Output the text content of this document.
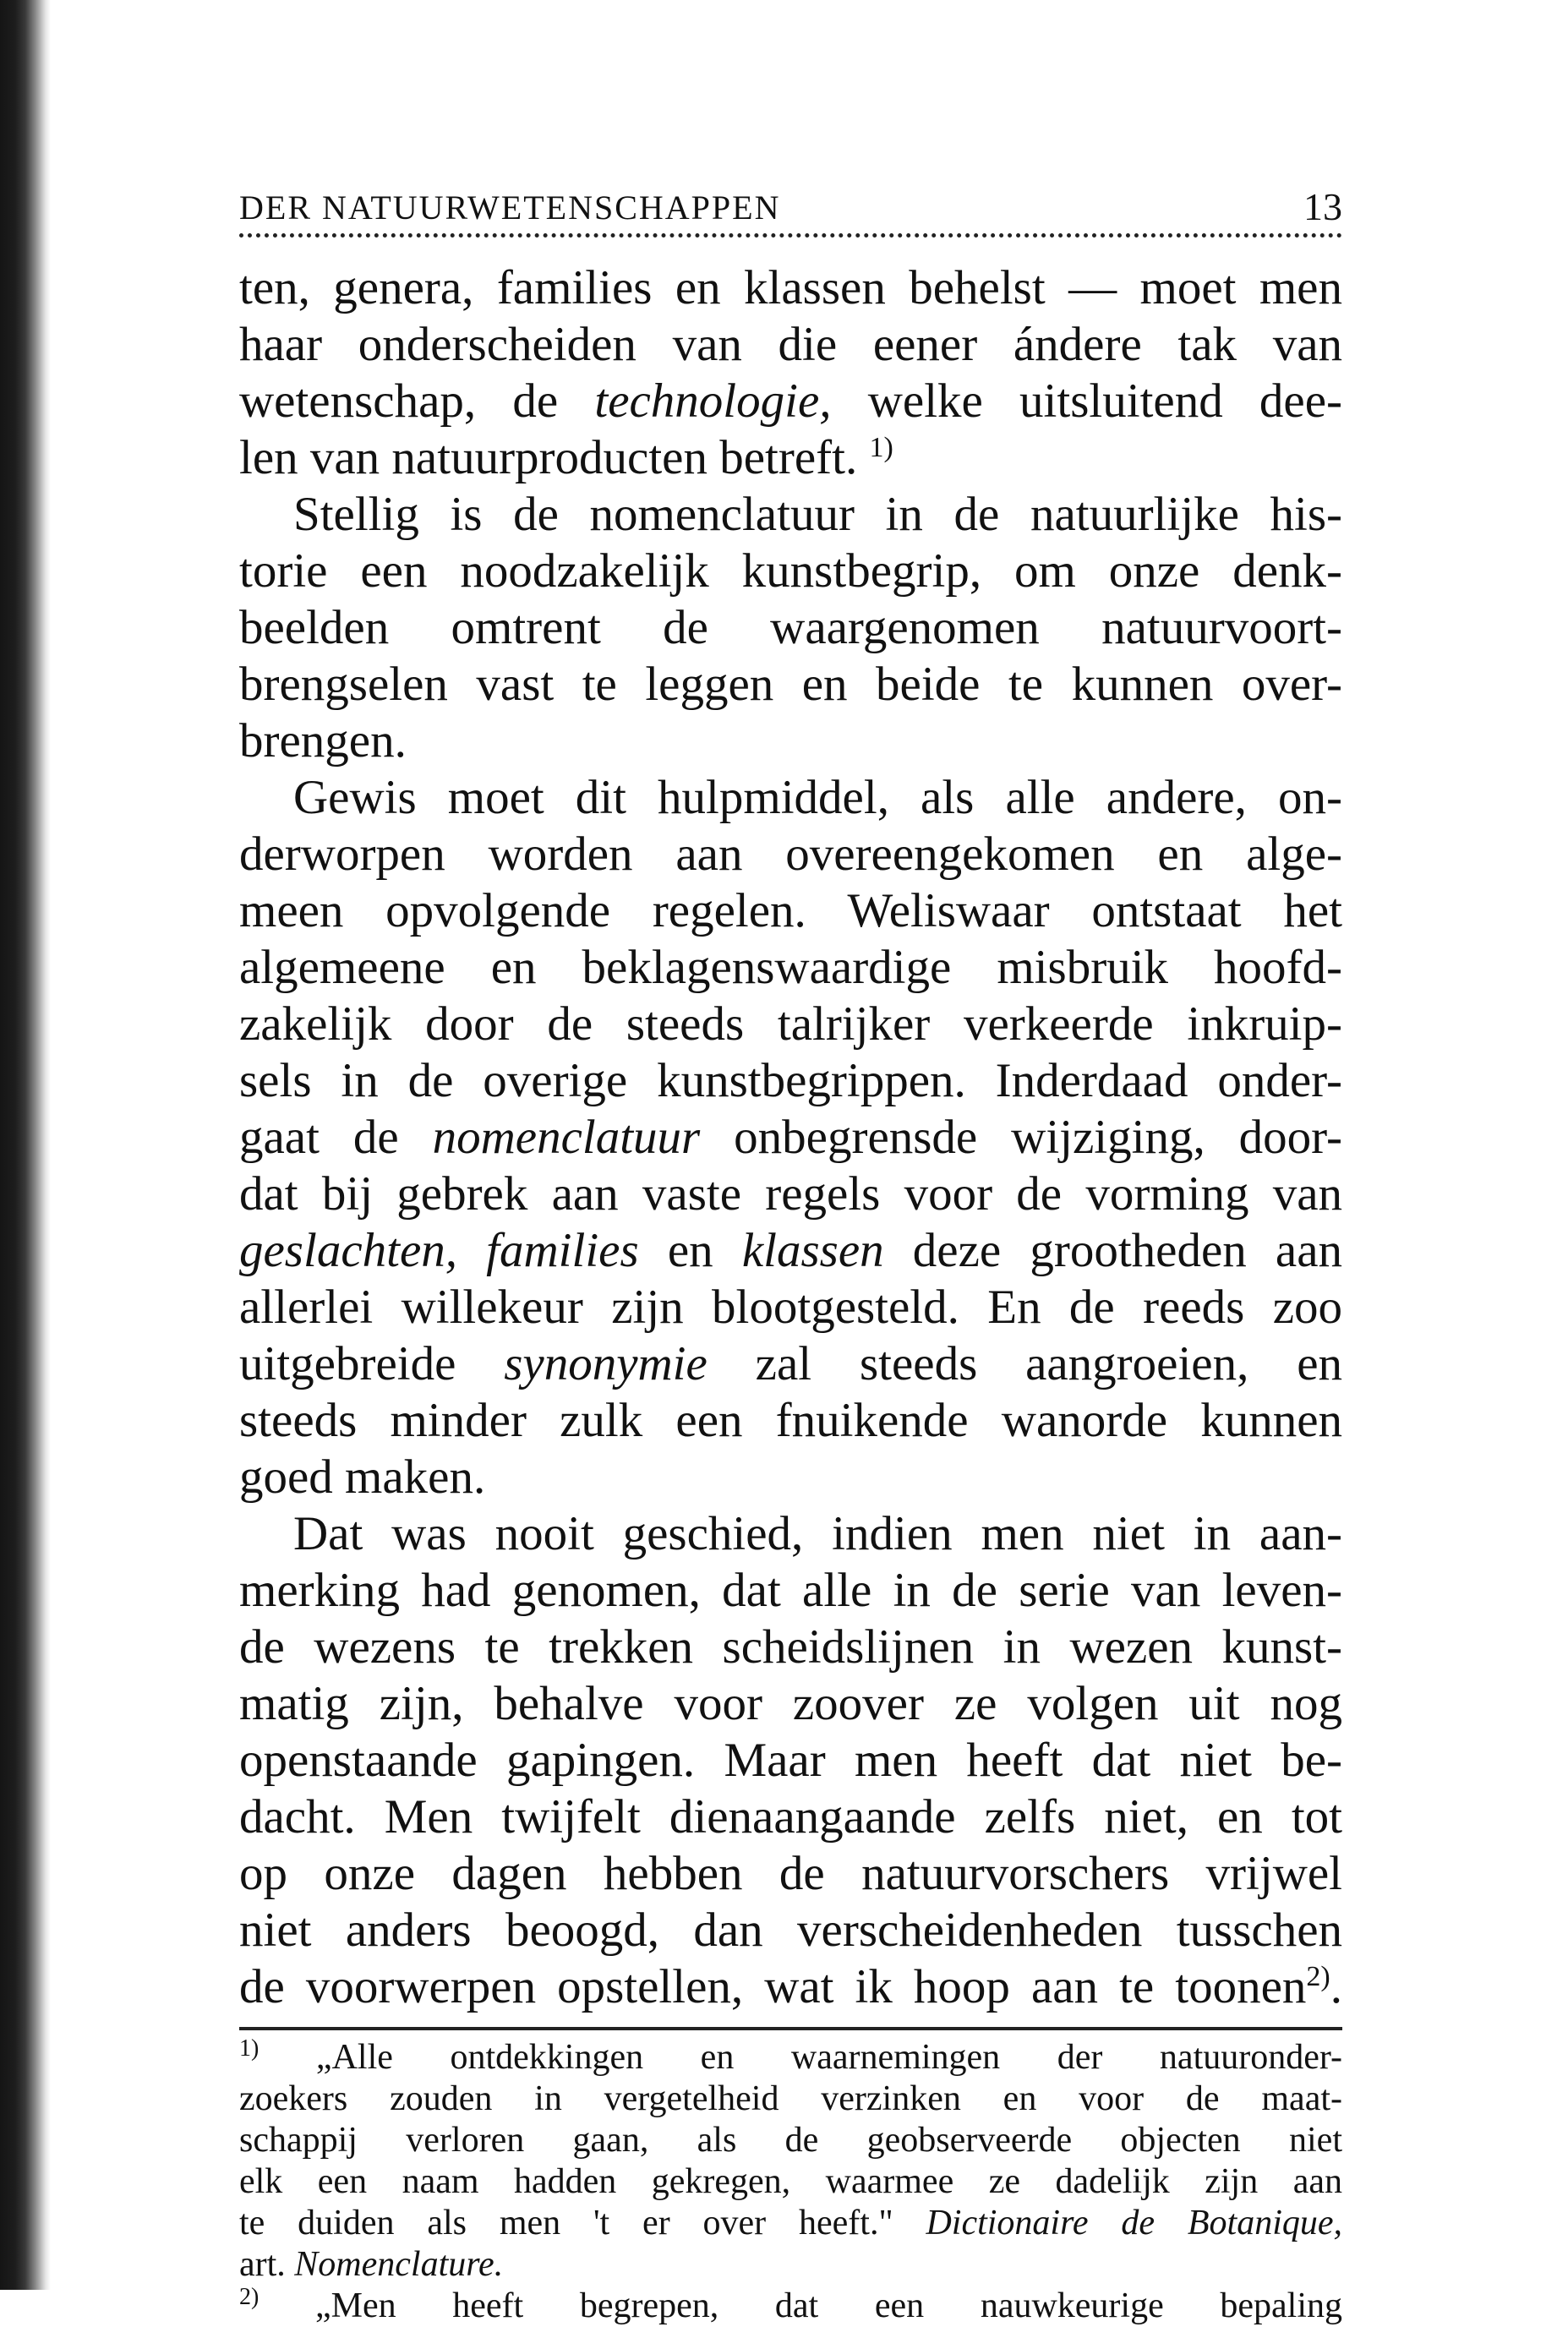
DER NATUURWETENSCHAPPEN	13
ten, genera, families en klassen behelst — moet men
haar onderscheiden van die eener ándere tak van
wetenschap, de technologie, welke uitsluitend dee-
len van natuurproducten betreft. $^{1)}$
Stellig is de nomenclatuur in de natuurlijke his-
torie een noodzakelijk kunstbegrip, om onze denk-
beelden omtrent de waargenomen natuurvoort-
brengselen vast te leggen en beide te kunnen over-
brengen.
Gewis moet dit hulpmiddel, als alle andere, on-
derworpen worden aan overeengekomen en alge-
meen opvolgende regelen. Weliswaar ontstaat het
algemeene en beklagenswaardige misbruik hoofd-
zakelijk door de steeds talrijker verkeerde inkruip-
sels in de overige kunstbegrippen. Inderdaad onder-
gaat de nomenclatuur onbegrensde wijziging, door-
dat bij gebrek aan vaste regels voor de vorming van
geslachten, families en klassen deze grootheden aan
allerlei willekeur zijn blootgesteld. En de reeds zoo
uitgebreide synonymie zal steeds aangroeien, en
steeds minder zulk een fnuikende wanorde kunnen
goed maken.
Dat was nooit geschied, indien men niet in aan-
merking had genomen, dat alle in de serie van leven-
de wezens te trekken scheidslijnen in wezen kunst-
matig zijn, behalve voor zoover ze volgen uit nog
openstaande gapingen. Maar men heeft dat niet be-
dacht. Men twijfelt dienaangaande zelfs niet, en tot
op onze dagen hebben de natuurvorschers vrijwel
niet anders beoogd, dan verscheidenheden tusschen
de voorwerpen opstellen, wat ik hoop aan te toonen$^{2)}$.
$^{1)}$ „Alle ontdekkingen en waarnemingen der natuuronder-
zoekers zouden in vergetelheid verzinken en voor de maat-
schappij verloren gaan, als de geobserveerde objecten niet
elk een naam hadden gekregen, waarmee ze dadelijk zijn aan
te duiden als men 't er over heeft." Dictionaire de Botanique,
art. Nomenclature.
$^{2)}$ „Men heeft begrepen, dat een nauwkeurige bepaling
